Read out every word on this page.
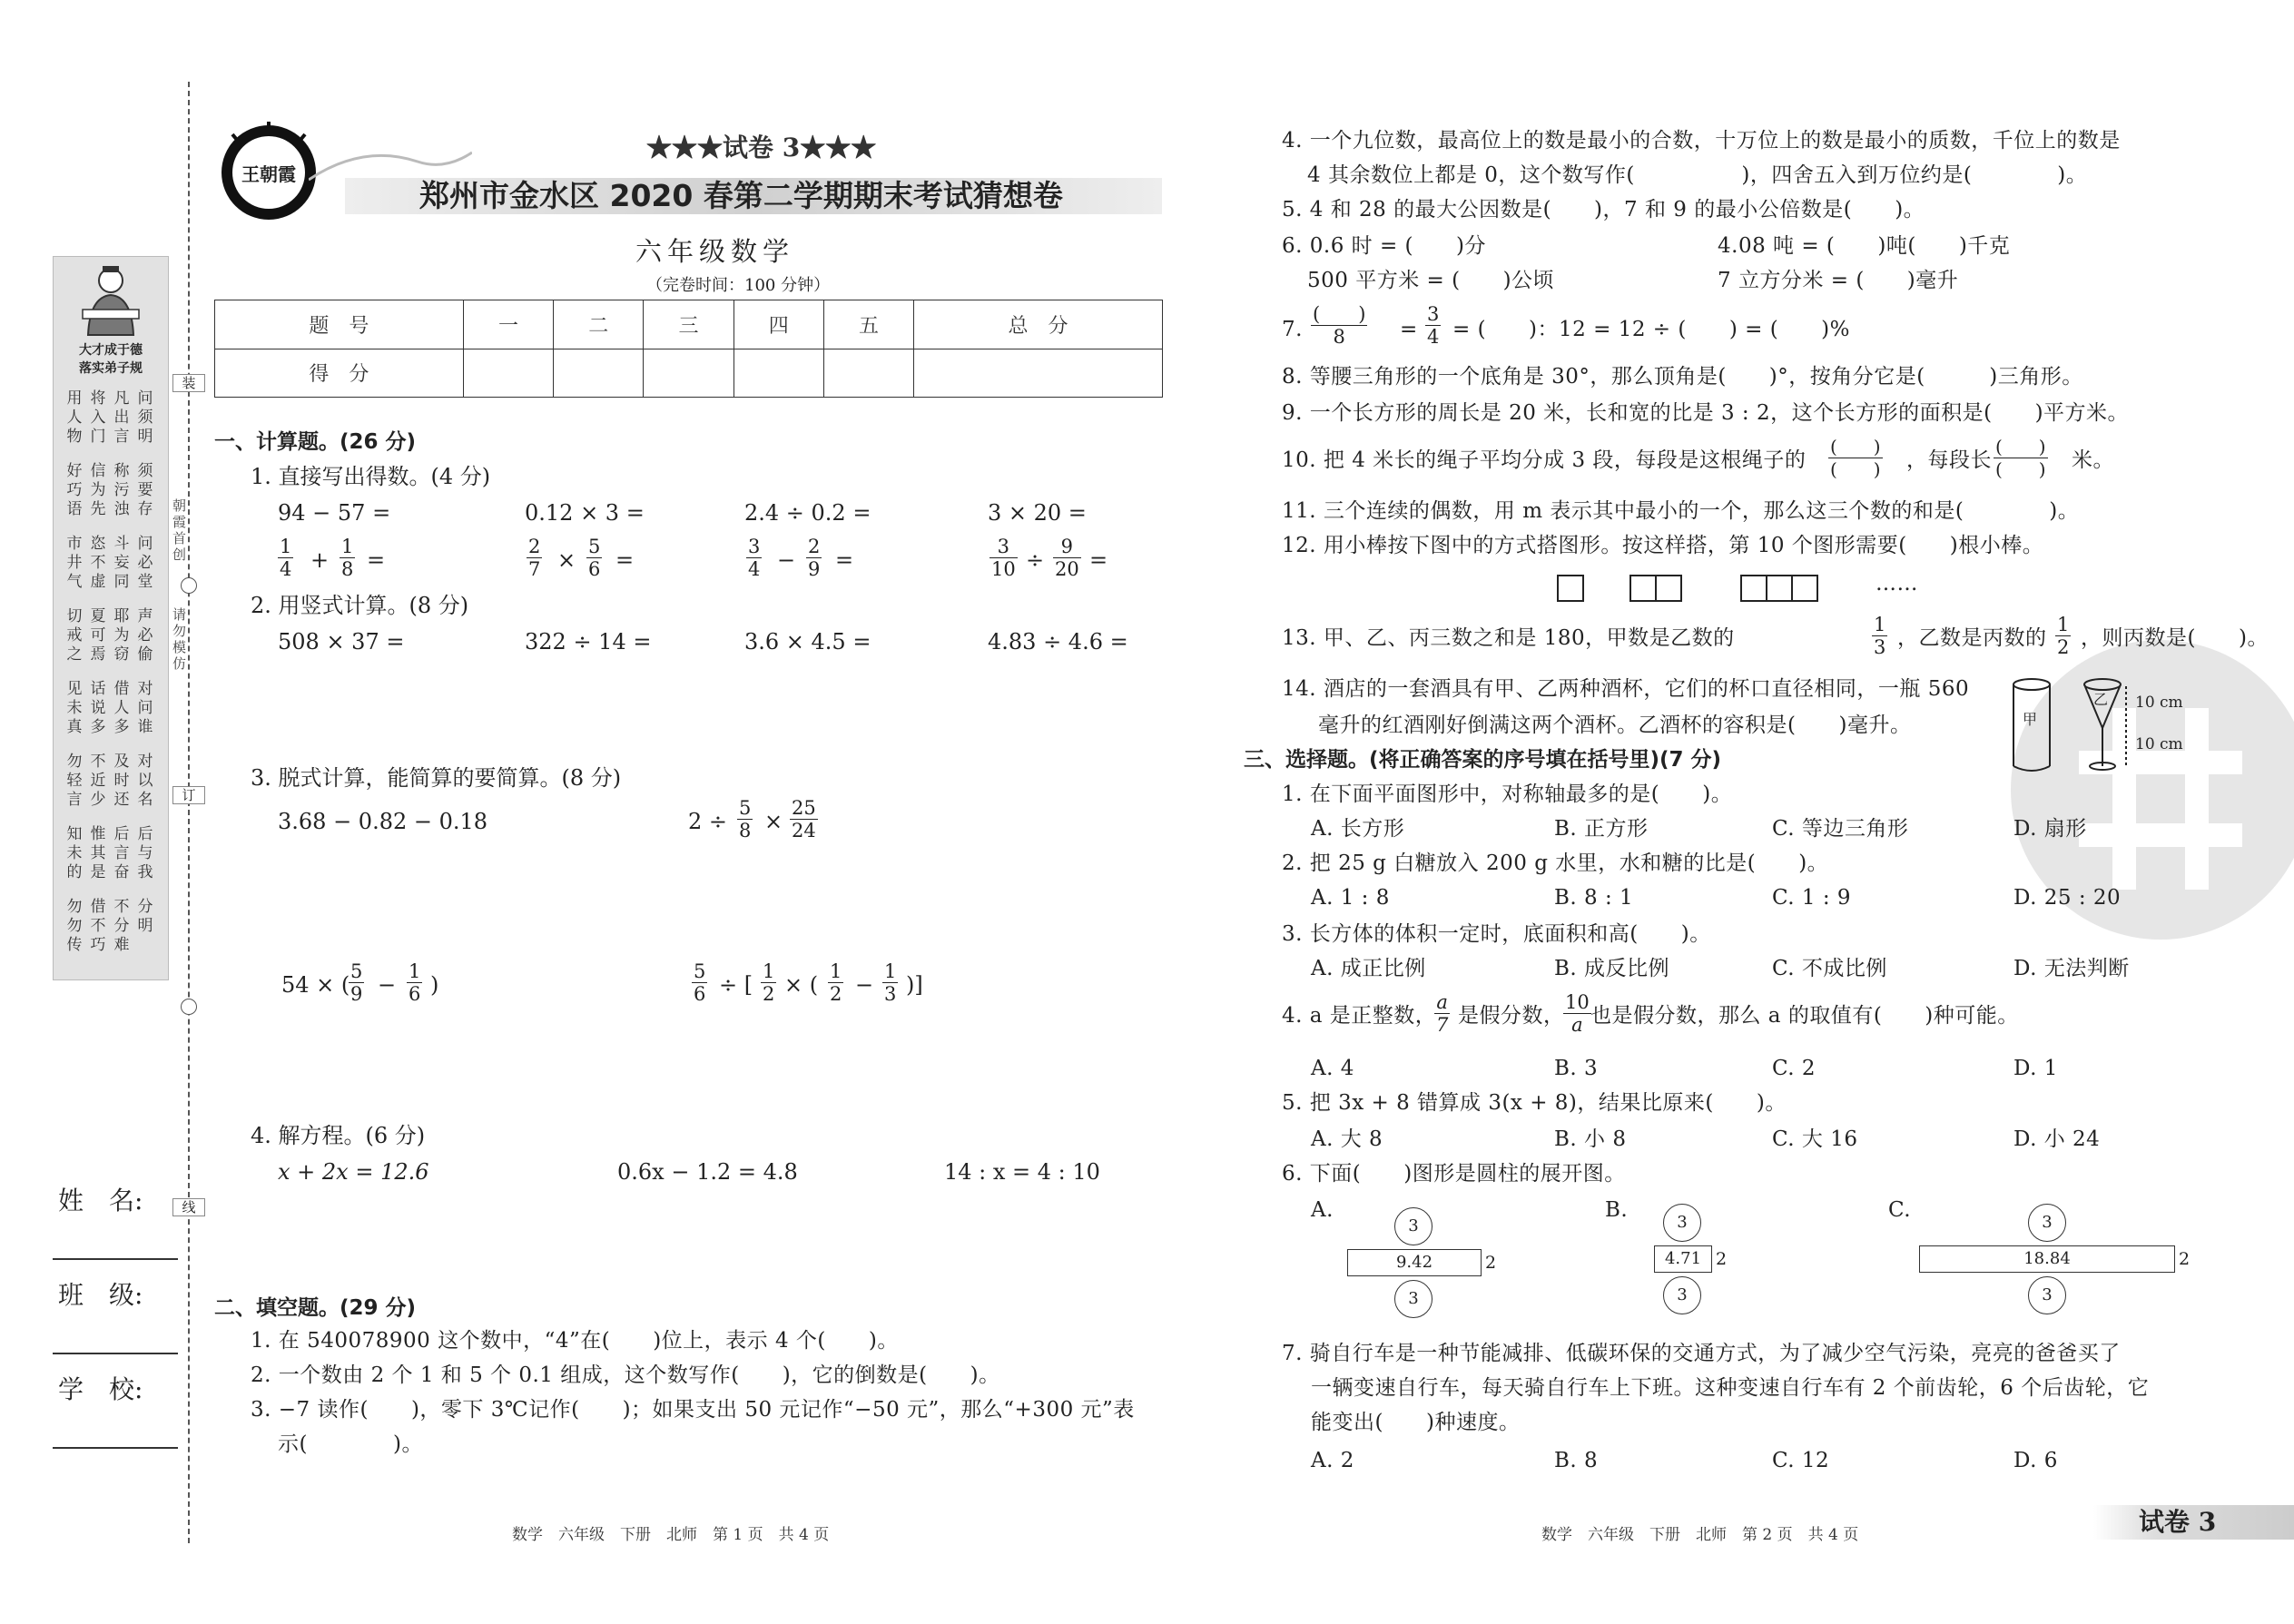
装
订
线
朝霞首创
请勿模仿
大才成于德
落实弟子规
用人物
将入门
凡出言
问须明
好巧语
信为先
称污浊
须要存
市井气
恣不虚
斗妄同
问必堂
切戒之
夏可焉
耶为窃
声必偷
见未真
话说多
借人多
对问谁
勿轻言
不近少
及时还
对以名
知未的
惟其是
后言奋
后与我
勿勿传
借不巧
不分难
分明
姓　名:
班　级:
学　校:
王朝霞
★★★试卷 3★★★
郑州市金水区 2020 春第二学期期末考试猜想卷
六年级数学
（完卷时间：100 分钟）
题　号	一	二	三	四	五	总　分
得　分						
一、计算题。(26 分)
1. 直接写出得数。(4 分)
94 − 57 =	0.12 × 3 =	2.4 ÷ 0.2 =	3 × 20 =
$\frac{1}{4} + \frac{1}{8}$ =	$\frac{2}{7} \times \frac{5}{6}$ =	$\frac{3}{4} - \frac{2}{9}$ =	$\frac{3}{10} \div \frac{9}{20}$ =
2. 用竖式计算。(8 分)
508 × 37 =	322 ÷ 14 =	3.6 × 4.5 =	4.83 ÷ 4.6 =
3. 脱式计算，能简算的要简算。(8 分)
3.68 − 0.82 − 0.18	$2 \div \frac{5}{8} \times \frac{25}{24}$
54 × (
$\frac{5}{9} - \frac{1}{6}$ )	$\frac{5}{6}$ ÷ [ $\frac{1}{2}$ × ( $\frac{1}{2} - \frac{1}{3}$ )]
4. 解方程。(6 分)
x + 2x = 12.6	0.6x − 1.2 = 4.8	14 : x = 4 : 10
二、填空题。(29 分)
1. 在 540078900 这个数中，“4”在(　　)位上，表示 4 个(　　)。
2. 一个数由 2 个 1 和 5 个 0.1 组成，这个数写作(　　)，它的倒数是(　　)。
3. −7 读作(　　)，零下 3℃记作(　　)；如果支出 50 元记作“−50 元”，那么“+300 元”表
示(　　　　)。
数学　六年级　下册　北师　第 1 页　共 4 页
4. 一个九位数，最高位上的数是最小的合数，十万位上的数是最小的质数，千位上的数是
4 其余数位上都是 0，这个数写作(　　　　　)，四舍五入到万位约是(　　　　)。
5. 4 和 28 的最大公因数是(　　)，7 和 9 的最小公倍数是(　　)。
6. 0.6 时 = (　　)分	4.08 吨 = (　　)吨(　　)千克
500 平方米 = (　　)公顷	7 立方分米 = (　　)毫升
7.
(　　)
8	= $\frac{3}{4}$ = (　　)：12 = 12 ÷ (　　) = (　　)%
8. 等腰三角形的一个底角是 30°，那么顶角是(　　)°，按角分它是(　　　)三角形。
9. 一个长方形的周长是 20 米，长和宽的比是 3 : 2，这个长方形的面积是(　　)平方米。
10. 把 4 米长的绳子平均分成 3 段，每段是这根绳子的
(　　)
(　　) ，每段长
(　　)
(　　) 米。
11. 三个连续的偶数，用 m 表示其中最小的一个，那么这三个数的和是(　　　　)。
12. 用小棒按下图中的方式搭图形。按这样搭，第 10 个图形需要(　　)根小棒。
……
13. 甲、乙、丙三数之和是 180，甲数是乙数的	$\frac{1}{3}$ ，乙数是丙数的 $\frac{1}{2}$ ，则丙数是(　　)。
14. 酒店的一套酒具有甲、乙两种酒杯，它们的杯口直径相同，一瓶 560
毫升的红酒刚好倒满这两个酒杯。乙酒杯的容积是(　　)毫升。	甲
乙 10 cm
10 cm
三、选择题。(将正确答案的序号填在括号里)(7 分)
1. 在下面平面图形中，对称轴最多的是(　　)。
A. 长方形	B. 正方形	C. 等边三角形	D. 扇形
2. 把 25 g 白糖放入 200 g 水里，水和糖的比是(　　)。
A. 1 : 8	B. 8 : 1	C. 1 : 9	D. 25 : 20
3. 长方体的体积一定时，底面积和高(　　)。
A. 成正比例	B. 成反比例	C. 不成比例	D. 无法判断
4. a 是正整数，
$\frac{a}{7}$ 是假分数，
$\frac{10}{a}$ 也是假分数，那么 a 的取值有(　　)种可能。
A. 4	B. 3	C. 2	D. 1
5. 把 3x + 8 错算成 3(x + 8)，结果比原来(　　)。
A. 大 8	B. 小 8	C. 大 16	D. 小 24
6. 下面(　　)图形是圆柱的展开图。
A.
3
9.42	2
3
B.
3
4.71 2
3
C.
3
18.84	2
3
7. 骑自行车是一种节能减排、低碳环保的交通方式，为了减少空气污染，亮亮的爸爸买了
一辆变速自行车，每天骑自行车上下班。这种变速自行车有 2 个前齿轮，6 个后齿轮，它
能变出(　　)种速度。
A. 2	B. 8	C. 12	D. 6
数学　六年级　下册　北师　第 2 页　共 4 页	试卷 3
